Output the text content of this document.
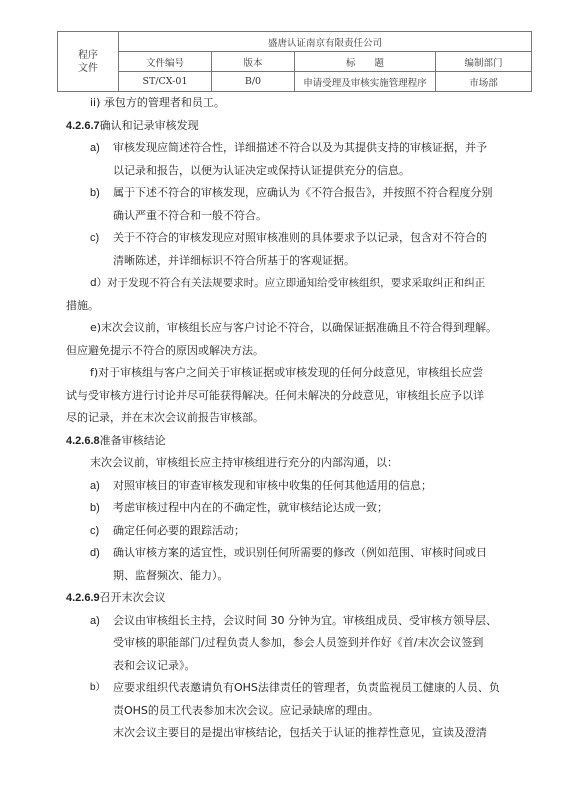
程序
文件	盛唐认证南京有限责任公司			
	文件编号	版本	标　　题	编制部门
	ST/CX-01	B/0	申请受理及审核实施管理程序	市场部
ii) 承包方的管理者和员工。
4.2.6.7确认和记录审核发现
a)	审核发现应简述符合性，详细描述不符合以及为其提供支持的审核证据，并予
以记录和报告，以便为认证决定或保持认证提供充分的信息。
b)	属于下述不符合的审核发现，应确认为《不符合报告》，并按照不符合程度分别
确认严重不符合和一般不符合。
c)	关于不符合的审核发现应对照审核准则的具体要求予以记录，包含对不符合的
清晰陈述，并详细标识不符合所基于的客观证据。
d）对于发现不符合有关法规要求时。应立即通知给受审核组织，要求采取纠正和纠正
措施。
e)末次会议前，审核组长应与客户讨论不符合，以确保证据准确且不符合得到理解。
但应避免提示不符合的原因或解决方法。
f)对于审核组与客户之间关于审核证据或审核发现的任何分歧意见，审核组长应尝
试与受审核方进行讨论并尽可能获得解决。任何未解决的分歧意见，审核组长应予以详
尽的记录，并在末次会议前报告审核部。
4.2.6.8准备审核结论
末次会议前，审核组长应主持审核组进行充分的内部沟通，以：
a)	对照审核目的审查审核发现和审核中收集的任何其他适用的信息；
b)	考虑审核过程中内在的不确定性，就审核结论达成一致；
c)	确定任何必要的跟踪活动；
d)	确认审核方案的适宜性，或识别任何所需要的修改（例如范围、审核时间或日
期、监督频次、能力）。
4.2.6.9召开末次会议
a)	会议由审核组长主持，会议时间 30 分钟为宜。审核组成员、受审核方领导层、
受审核的职能部门/过程负责人参加，参会人员签到并作好《首/末次会议签到
表和会议记录》。
b） 应要求组织代表邀请负有OHS法律责任的管理者，负责监视员工健康的人员、负
责OHS的员工代表参加末次会议。应记录缺席的理由。
末次会议主要目的是提出审核结论，包括关于认证的推荐性意见，宣读及澄清
